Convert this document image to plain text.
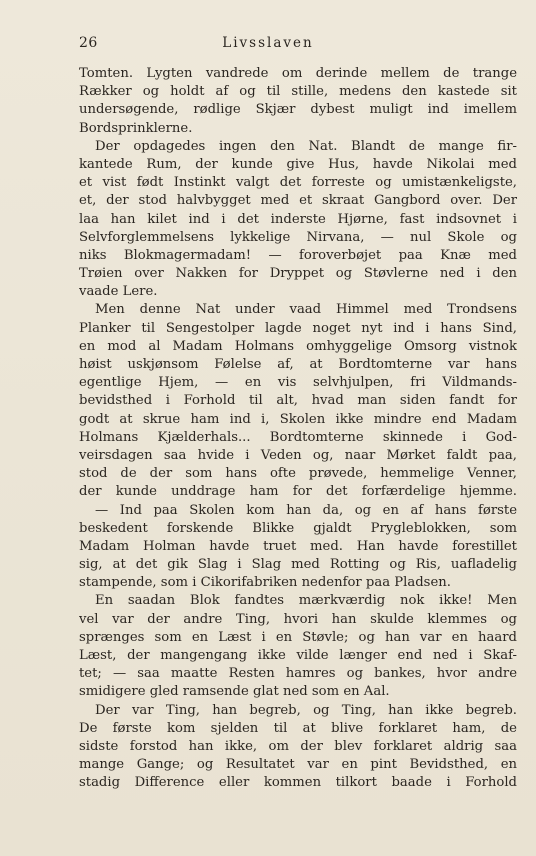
26	Livsslaven
Tomten. Lygten vandrede om derinde mellem de trange
Rækker og holdt af og til stille, medens den kastede sit
undersøgende, rødlige Skjær dybest muligt ind imellem
Bordsprinklerne.
Der opdagedes ingen den Nat. Blandt de mange fir-
kantede Rum, der kunde give Hus, havde Nikolai med
et vist født Instinkt valgt det forreste og umistænkeligste,
et, der stod halvbygget med et skraat Gangbord over. Der
laa han kilet ind i det inderste Hjørne, fast indsovnet i
Selvforglemmelsens lykkelige Nirvana, — nul Skole og
niks Blokmagermadam! — foroverbøjet paa Knæ med
Trøien over Nakken for Dryppet og Støvlerne ned i den
vaade Lere.
Men denne Nat under vaad Himmel med Trondsens
Planker til Sengestolper lagde noget nyt ind i hans Sind,
en mod al Madam Holmans omhyggelige Omsorg vistnok
høist uskjønsom Følelse af, at Bordtomterne var hans
egentlige Hjem, — en vis selvhjulpen, fri Vildmands-
bevidsthed i Forhold til alt, hvad man siden fandt for
godt at skrue ham ind i, Skolen ikke mindre end Madam
Holmans Kjælderhals... Bordtomterne skinnede i God-
veirsdagen saa hvide i Veden og, naar Mørket faldt paa,
stod de der som hans ofte prøvede, hemmelige Venner,
der kunde unddrage ham for det forfærdelige hjemme.
— Ind paa Skolen kom han da, og en af hans første
beskedent forskende Blikke gjaldt Prygleblokken, som
Madam Holman havde truet med. Han havde forestillet
sig, at det gik Slag i Slag med Rotting og Ris, uafladelig
stampende, som i Cikorifabriken nedenfor paa Pladsen.
En saadan Blok fandtes mærkværdig nok ikke! Men
vel var der andre Ting, hvori han skulde klemmes og
sprænges som en Læst i en Støvle; og han var en haard
Læst, der mangengang ikke vilde længer end ned i Skaf-
tet; — saa maatte Resten hamres og bankes, hvor andre
smidigere gled ramsende glat ned som en Aal.
Der var Ting, han begreb, og Ting, han ikke begreb.
De første kom sjelden til at blive forklaret ham, de
sidste forstod han ikke, om der blev forklaret aldrig saa
mange Gange; og Resultatet var en pint Bevidsthed, en
stadig Difference eller kommen tilkort baade i Forhold
